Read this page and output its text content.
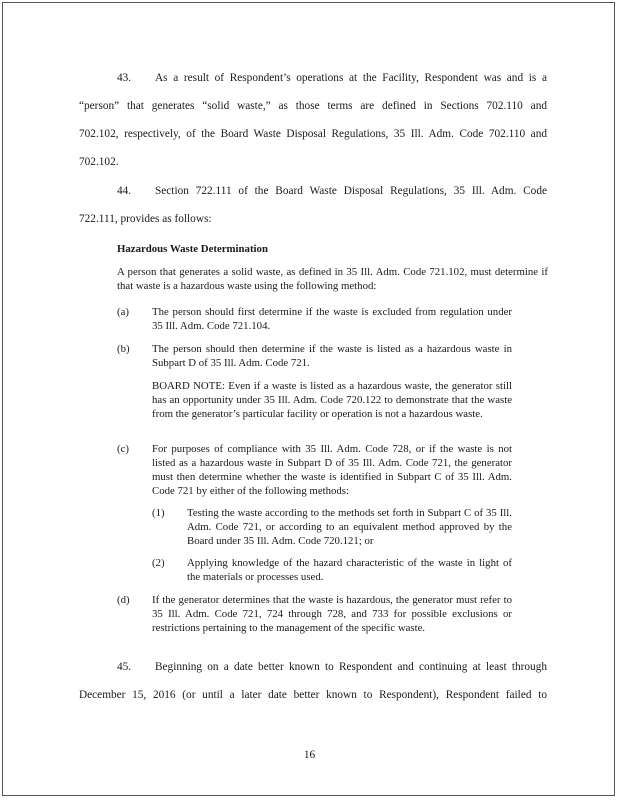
43. As a result of Respondent’s operations at the Facility, Respondent was and is a
“person” that generates “solid waste,” as those terms are defined in Sections 702.110 and
702.102, respectively, of the Board Waste Disposal Regulations, 35 Ill. Adm. Code 702.110 and
702.102.
44. Section 722.111 of the Board Waste Disposal Regulations, 35 Ill. Adm. Code
722.111, provides as follows:
Hazardous Waste Determination
A person that generates a solid waste, as defined in 35 Ill. Adm. Code 721.102, must determine if that waste is a hazardous waste using the following method:
(a) The person should first determine if the waste is excluded from regulation under 35 Ill. Adm. Code 721.104.
(b) The person should then determine if the waste is listed as a hazardous waste in Subpart D of 35 Ill. Adm. Code 721.
BOARD NOTE: Even if a waste is listed as a hazardous waste, the generator still has an opportunity under 35 Ill. Adm. Code 720.122 to demonstrate that the waste from the generator’s particular facility or operation is not a hazardous waste.
(c) For purposes of compliance with 35 Ill. Adm. Code 728, or if the waste is not listed as a hazardous waste in Subpart D of 35 Ill. Adm. Code 721, the generator must then determine whether the waste is identified in Subpart C of 35 Ill. Adm. Code 721 by either of the following methods:
(1) Testing the waste according to the methods set forth in Subpart C of 35 Ill. Adm. Code 721, or according to an equivalent method approved by the Board under 35 Ill. Adm. Code 720.121; or
(2) Applying knowledge of the hazard characteristic of the waste in light of the materials or processes used.
(d) If the generator determines that the waste is hazardous, the generator must refer to 35 Ill. Adm. Code 721, 724 through 728, and 733 for possible exclusions or restrictions pertaining to the management of the specific waste.
45. Beginning on a date better known to Respondent and continuing at least through
December 15, 2016 (or until a later date better known to Respondent), Respondent failed to
16
